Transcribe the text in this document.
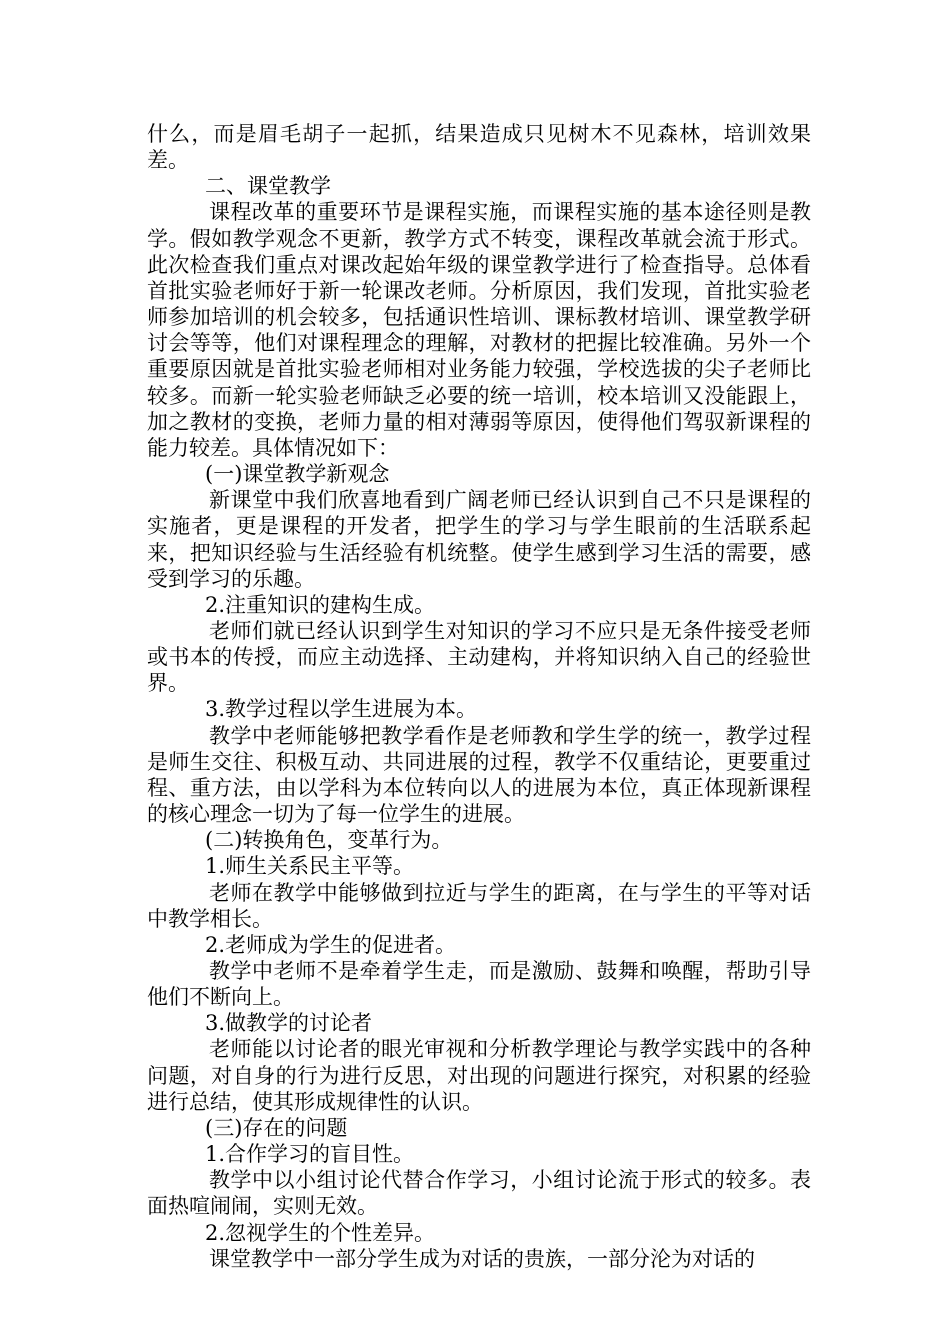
什么，而是眉毛胡子一起抓，结果造成只见树木不见森林，培训效果差。

二、课堂教学

课程改革的重要环节是课程实施，而课程实施的基本途径则是教学。假如教学观念不更新，教学方式不转变，课程改革就会流于形式。此次检查我们重点对课改起始年级的课堂教学进行了检查指导。总体看首批实验老师好于新一轮课改老师。分析原因，我们发现，首批实验老师参加培训的机会较多，包括通识性培训、课标教材培训、课堂教学研讨会等等，他们对课程理念的理解，对教材的把握比较准确。另外一个重要原因就是首批实验老师相对业务能力较强，学校选拔的尖子老师比较多。而新一轮实验老师缺乏必要的统一培训，校本培训又没能跟上，加之教材的变换，老师力量的相对薄弱等原因，使得他们驾驭新课程的能力较差。具体情况如下：

(一)课堂教学新观念

新课堂中我们欣喜地看到广阔老师已经认识到自己不只是课程的实施者，更是课程的开发者，把学生的学习与学生眼前的生活联系起来，把知识经验与生活经验有机统整。使学生感到学习生活的需要，感受到学习的乐趣。

2.注重知识的建构生成。

老师们就已经认识到学生对知识的学习不应只是无条件接受老师或书本的传授，而应主动选择、主动建构，并将知识纳入自己的经验世界。

3.教学过程以学生进展为本。

教学中老师能够把教学看作是老师教和学生学的统一，教学过程是师生交往、积极互动、共同进展的过程，教学不仅重结论，更要重过程、重方法，由以学科为本位转向以人的进展为本位，真正体现新课程的核心理念一切为了每一位学生的进展。

(二)转换角色，变革行为。

1.师生关系民主平等。

老师在教学中能够做到拉近与学生的距离，在与学生的平等对话中教学相长。

2.老师成为学生的促进者。

教学中老师不是牵着学生走，而是激励、鼓舞和唤醒，帮助引导他们不断向上。

3.做教学的讨论者

老师能以讨论者的眼光审视和分析教学理论与教学实践中的各种问题，对自身的行为进行反思，对出现的问题进行探究，对积累的经验进行总结，使其形成规律性的认识。

(三)存在的问题

1.合作学习的盲目性。

教学中以小组讨论代替合作学习，小组讨论流于形式的较多。表面热喧闹闹，实则无效。

2.忽视学生的个性差异。

课堂教学中一部分学生成为对话的贵族，一部分沦为对话的
